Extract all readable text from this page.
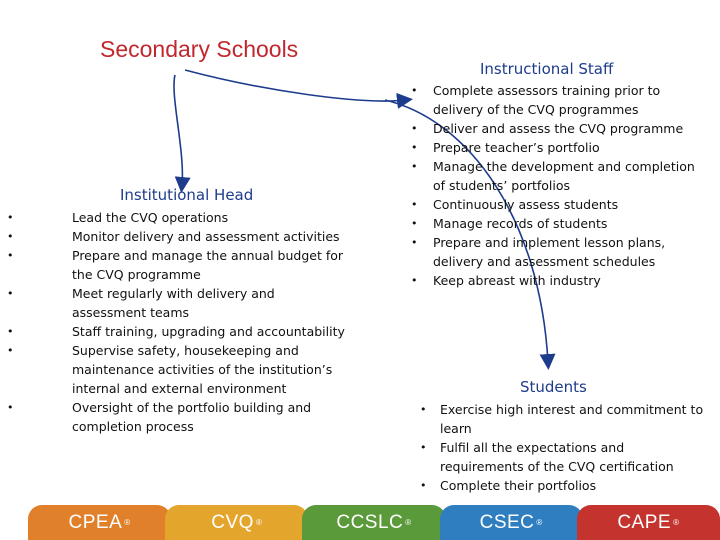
Secondary Schools
Instructional Staff
• Complete assessors training prior to delivery of the CVQ programmes
• Deliver and assess the CVQ programme
• Prepare teacher’s portfolio
• Manage the development and completion of students’ portfolios
• Continuously assess students
• Manage records of students
• Prepare and implement lesson plans, delivery and assessment schedules
• Keep abreast with industry
Institutional Head
• Lead the CVQ operations
• Monitor delivery and assessment activities
• Prepare and manage the annual budget for the CVQ programme
• Meet regularly with delivery and assessment teams
• Staff training, upgrading and accountability
• Supervise safety, housekeeping and maintenance activities of the institution’s internal and external environment
• Oversight of the portfolio building and completion process
Students
• Exercise high interest and commitment to learn
• Fulfil all the expectations and requirements of the CVQ certification
• Complete their portfolios
CPEA ®	CVQ ®	CCSLC ®	CSEC ®	CAPE ®
